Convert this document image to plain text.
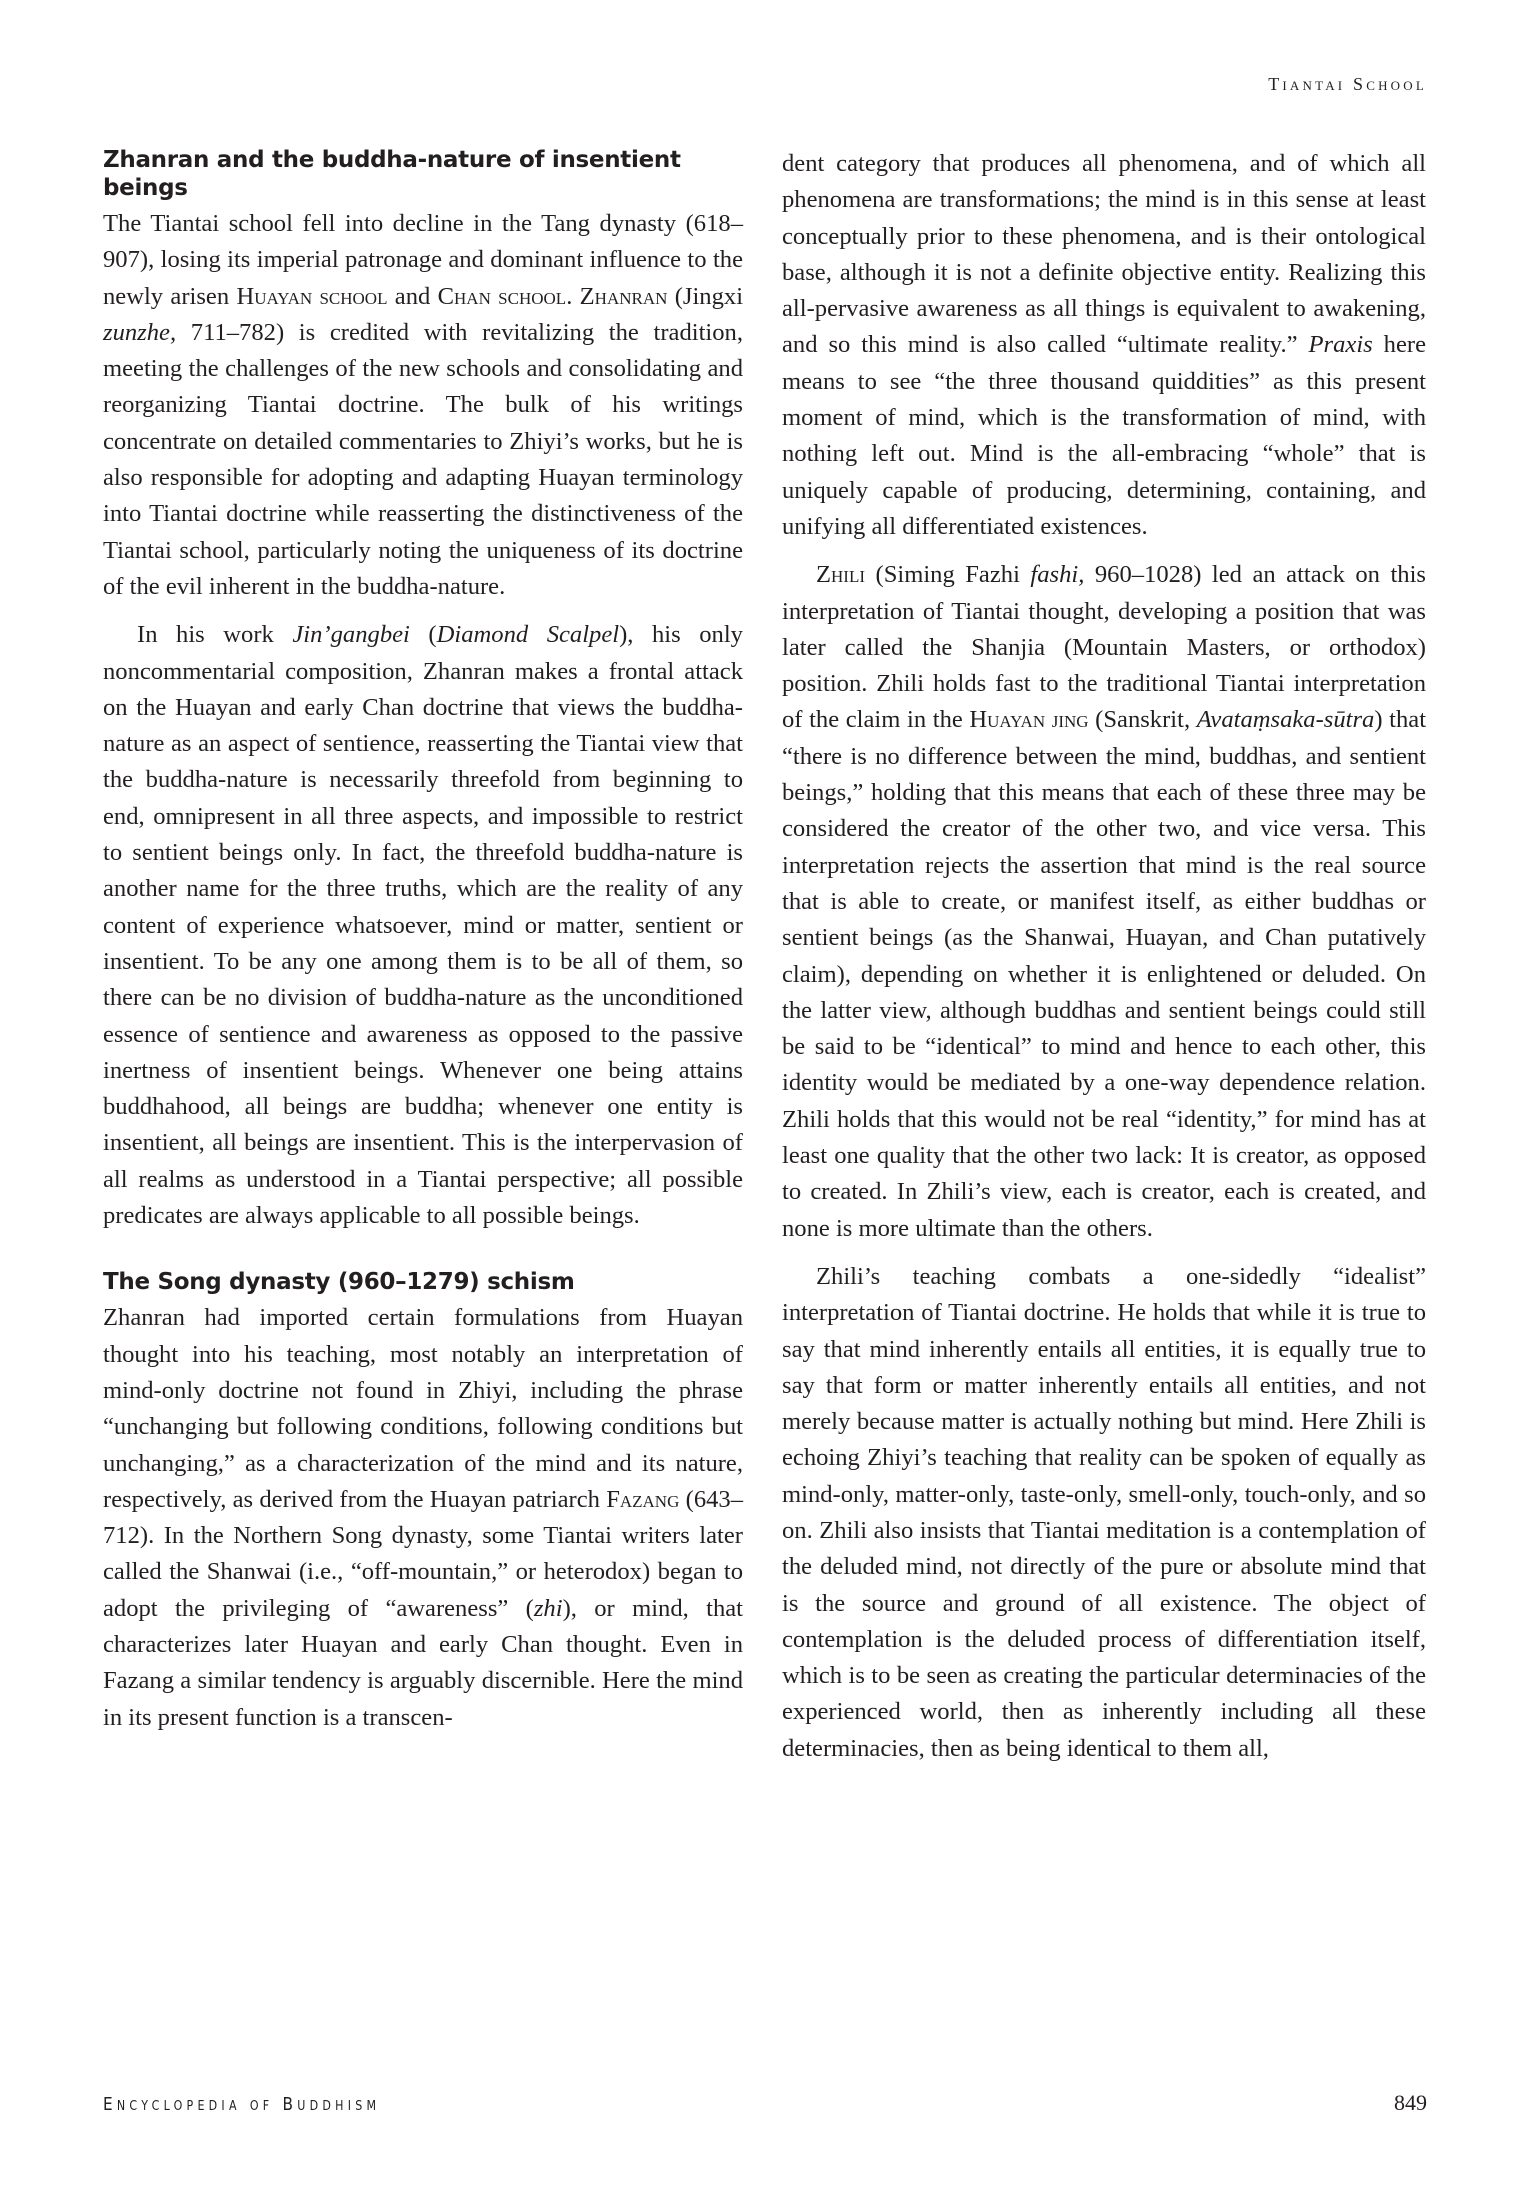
Tiantai School
Zhanran and the buddha-nature of insentient beings

The Tiantai school fell into decline in the Tang dynasty (618–907), losing its imperial patronage and dominant influence to the newly arisen Huayan school and Chan school. Zhanran (Jingxi zunzhe, 711–782) is credited with revitalizing the tradition, meeting the challenges of the new schools and consolidating and reorganizing Tiantai doctrine. The bulk of his writings concentrate on detailed commentaries to Zhiyi’s works, but he is also responsible for adopting and adapting Huayan terminology into Tiantai doctrine while reasserting the distinctiveness of the Tiantai school, particularly noting the uniqueness of its doctrine of the evil inherent in the buddha-nature.

In his work Jin’gangbei (Diamond Scalpel), his only noncommentarial composition, Zhanran makes a frontal attack on the Huayan and early Chan doctrine that views the buddha-nature as an aspect of sentience, reasserting the Tiantai view that the buddha-nature is necessarily threefold from beginning to end, omnipresent in all three aspects, and impossible to restrict to sentient beings only. In fact, the threefold buddha-nature is another name for the three truths, which are the reality of any content of experience whatsoever, mind or matter, sentient or insentient. To be any one among them is to be all of them, so there can be no division of buddha-nature as the unconditioned essence of sentience and awareness as opposed to the passive inertness of insentient beings. Whenever one being attains buddhahood, all beings are buddha; whenever one entity is insentient, all beings are insentient. This is the interpervasion of all realms as understood in a Tiantai perspective; all possible predicates are always applicable to all possible beings.

The Song dynasty (960–1279) schism

Zhanran had imported certain formulations from Huayan thought into his teaching, most notably an interpretation of mind-only doctrine not found in Zhiyi, including the phrase “unchanging but following conditions, following conditions but unchanging,” as a characterization of the mind and its nature, respectively, as derived from the Huayan patriarch Fazang (643–712). In the Northern Song dynasty, some Tiantai writers later called the Shanwai (i.e., “off-mountain,” or heterodox) began to adopt the privileging of “awareness” (zhi), or mind, that characterizes later Huayan and early Chan thought. Even in Fazang a similar tendency is arguably discernible. Here the mind in its present function is a transcen-

dent category that produces all phenomena, and of which all phenomena are transformations; the mind is in this sense at least conceptually prior to these phenomena, and is their ontological base, although it is not a definite objective entity. Realizing this all-pervasive awareness as all things is equivalent to awakening, and so this mind is also called “ultimate reality.” Praxis here means to see “the three thousand quiddities” as this present moment of mind, which is the transformation of mind, with nothing left out. Mind is the all-embracing “whole” that is uniquely capable of producing, determining, containing, and unifying all differentiated existences.

Zhili (Siming Fazhi fashi, 960–1028) led an attack on this interpretation of Tiantai thought, developing a position that was later called the Shanjia (Mountain Masters, or orthodox) position. Zhili holds fast to the traditional Tiantai interpretation of the claim in the Huayan jing (Sanskrit, Avataṃsaka-sūtra) that “there is no difference between the mind, buddhas, and sentient beings,” holding that this means that each of these three may be considered the creator of the other two, and vice versa. This interpretation rejects the assertion that mind is the real source that is able to create, or manifest itself, as either buddhas or sentient beings (as the Shanwai, Huayan, and Chan putatively claim), depending on whether it is enlightened or deluded. On the latter view, although buddhas and sentient beings could still be said to be “identical” to mind and hence to each other, this identity would be mediated by a one-way dependence relation. Zhili holds that this would not be real “identity,” for mind has at least one quality that the other two lack: It is creator, as opposed to created. In Zhili’s view, each is creator, each is created, and none is more ultimate than the others.

Zhili’s teaching combats a one-sidedly “idealist” interpretation of Tiantai doctrine. He holds that while it is true to say that mind inherently entails all entities, it is equally true to say that form or matter inherently entails all entities, and not merely because matter is actually nothing but mind. Here Zhili is echoing Zhiyi’s teaching that reality can be spoken of equally as mind-only, matter-only, taste-only, smell-only, touch-only, and so on. Zhili also insists that Tiantai meditation is a contemplation of the deluded mind, not directly of the pure or absolute mind that is the source and ground of all existence. The object of contemplation is the deluded process of differentiation itself, which is to be seen as creating the particular determinacies of the experienced world, then as inherently including all these determinacies, then as being identical to them all,

Encyclopedia of Buddhism	849
